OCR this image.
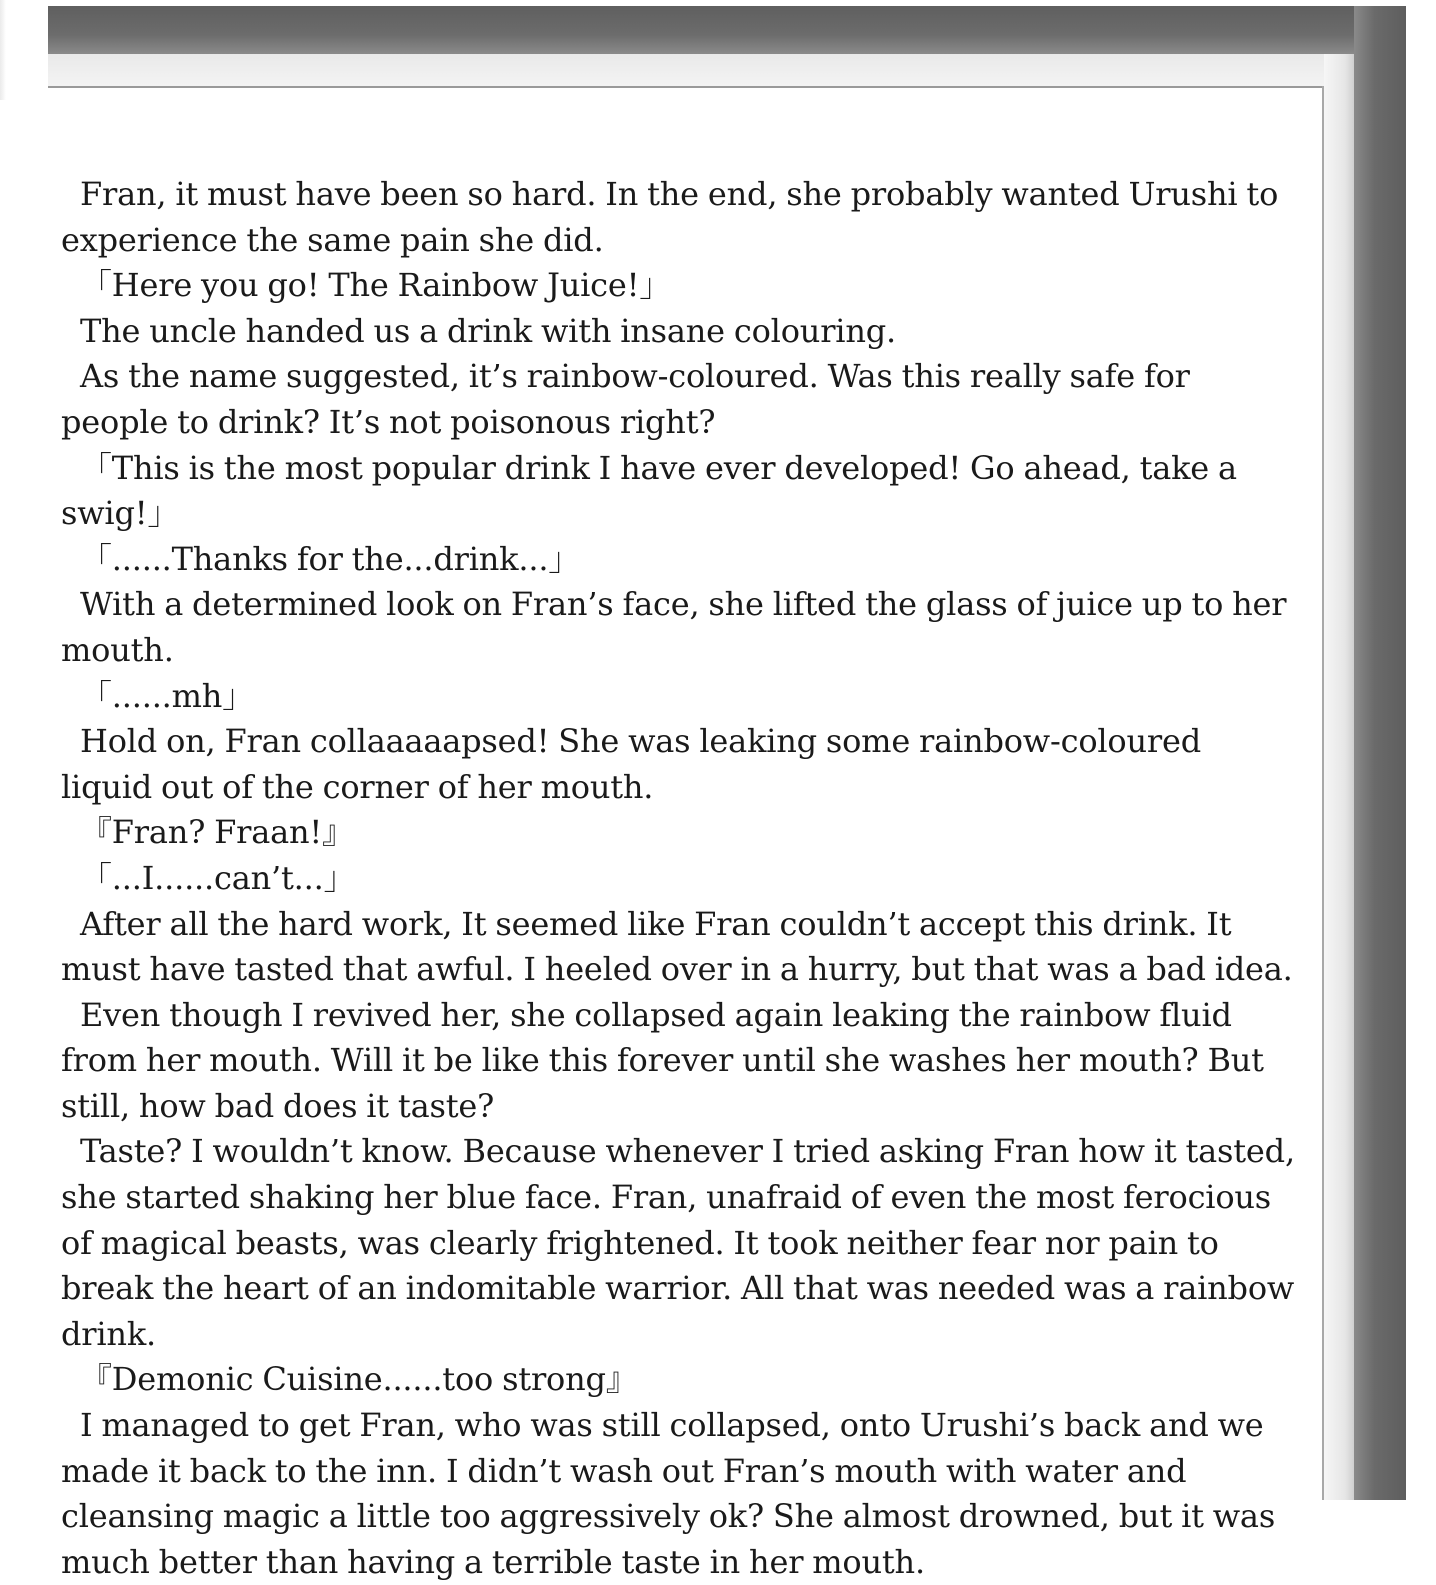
Fran, it must have been so hard. In the end, she probably wanted Urushi to experience the same pain she did.

「Here you go! The Rainbow Juice!」

The uncle handed us a drink with insane colouring.

As the name suggested, it’s rainbow-coloured. Was this really safe for people to drink? It’s not poisonous right?

「This is the most popular drink I have ever developed! Go ahead, take a swig!」

「......Thanks for the...drink...」

With a determined look on Fran’s face, she lifted the glass of juice up to her mouth.

「......mh」

Hold on, Fran collaaaaapsed! She was leaking some rainbow-coloured liquid out of the corner of her mouth.

『Fran? Fraan!』

「...I......can’t...」

After all the hard work, It seemed like Fran couldn’t accept this drink. It must have tasted that awful. I heeled over in a hurry, but that was a bad idea.

Even though I revived her, she collapsed again leaking the rainbow fluid from her mouth. Will it be like this forever until she washes her mouth? But still, how bad does it taste?

Taste? I wouldn’t know. Because whenever I tried asking Fran how it tasted, she started shaking her blue face. Fran, unafraid of even the most ferocious of magical beasts, was clearly frightened. It took neither fear nor pain to break the heart of an indomitable warrior. All that was needed was a rainbow drink.

『Demonic Cuisine......too strong』

I managed to get Fran, who was still collapsed, onto Urushi’s back and we made it back to the inn. I didn’t wash out Fran’s mouth with water and cleansing magic a little too aggressively ok? She almost drowned, but it was much better than having a terrible taste in her mouth.
